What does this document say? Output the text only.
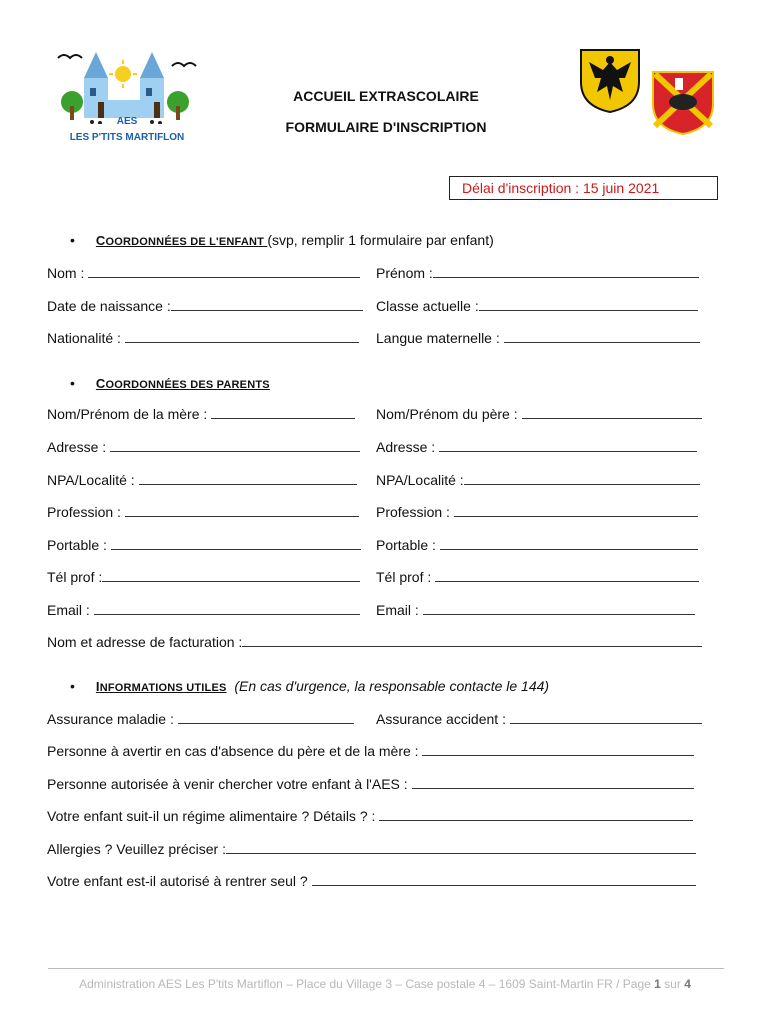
AES
LES P'TITS MARTIFLON
ACCUEIL EXTRASCOLAIRE
FORMULAIRE D'INSCRIPTION
Délai d'inscription : 15 juin 2021
• COORDONNÉES DE L'ENFANT (svp, remplir 1 formulaire par enfant)
Nom :	Prénom :
Date de naissance :	Classe actuelle :
Nationalité :	Langue maternelle :
• COORDONNÉES DES PARENTS
Nom/Prénom de la mère :	Nom/Prénom du père :
Adresse :	Adresse :
NPA/Localité :	NPA/Localité :
Profession :	Profession :
Portable :	Portable :
Tél prof :	Tél prof :
Email :	Email :
Nom et adresse de facturation :
• INFORMATIONS UTILES (En cas d'urgence, la responsable contacte le 144)
Assurance maladie :	Assurance accident :
Personne à avertir en cas d'absence du père et de la mère :
Personne autorisée à venir chercher votre enfant à l'AES :
Votre enfant suit-il un régime alimentaire ? Détails ? :
Allergies ? Veuillez préciser :
Votre enfant est-il autorisé à rentrer seul ?
Administration AES Les P'tits Martiflon – Place du Village 3 – Case postale 4 – 1609 Saint-Martin FR / Page 1 sur 4
